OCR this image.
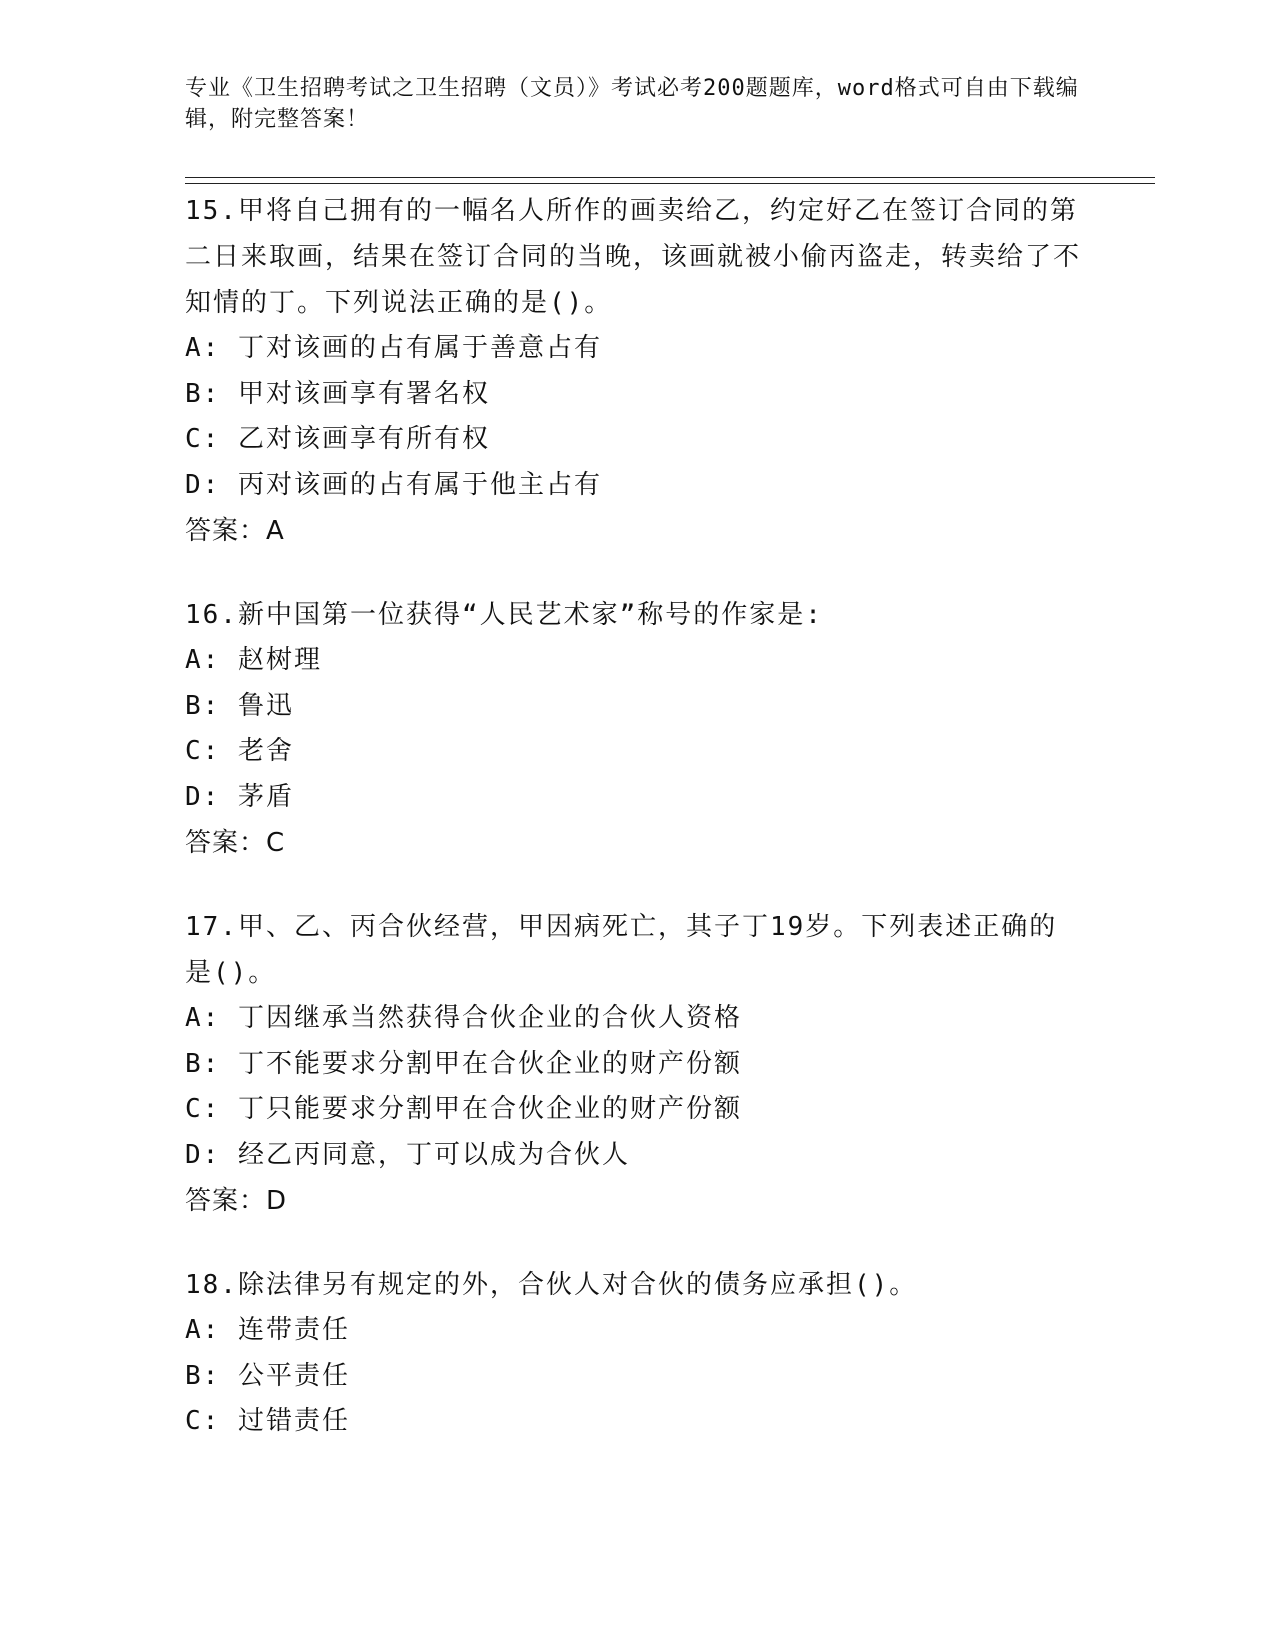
专业《卫生招聘考试之卫生招聘（文员）》考试必考200题题库，word格式可自由下载编辑，附完整答案！

15.甲将自己拥有的一幅名人所作的画卖给乙，约定好乙在签订合同的第二日来取画，结果在签订合同的当晚，该画就被小偷丙盗走，转卖给了不知情的丁。下列说法正确的是()。

A: 丁对该画的占有属于善意占有

B: 甲对该画享有署名权

C: 乙对该画享有所有权

D: 丙对该画的占有属于他主占有

答案：A

16.新中国第一位获得“人民艺术家”称号的作家是:

A: 赵树理

B: 鲁迅

C: 老舍

D: 茅盾

答案：C

17.甲、乙、丙合伙经营，甲因病死亡，其子丁19岁。下列表述正确的是()。

A: 丁因继承当然获得合伙企业的合伙人资格

B: 丁不能要求分割甲在合伙企业的财产份额

C: 丁只能要求分割甲在合伙企业的财产份额

D: 经乙丙同意，丁可以成为合伙人

答案：D

18.除法律另有规定的外，合伙人对合伙的债务应承担()。

A: 连带责任

B: 公平责任

C: 过错责任
